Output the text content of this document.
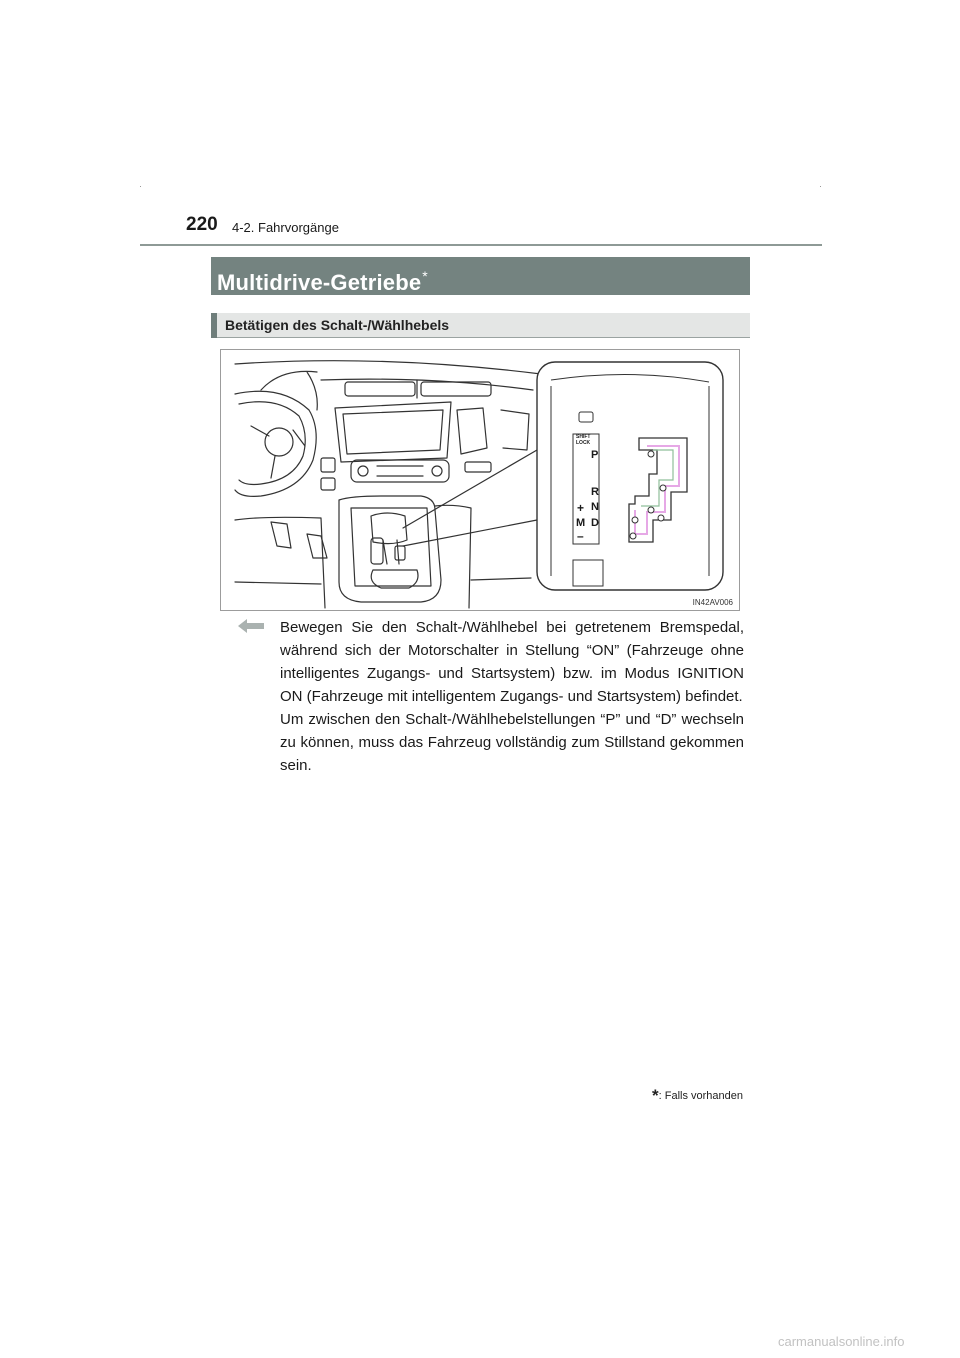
220 4-2. Fahrvorgänge
Multidrive-Getriebe*
Betätigen des Schalt-/Wählhebels
SHIFT
LOCK
P
R
N
D
M
+
–
IN42AV006

Bewegen Sie den Schalt-/Wählhebel bei getretenem Bremspedal, während sich der Motorschalter in Stellung “ON” (Fahrzeuge ohne intelligentes Zugangs- und Startsystem) bzw. im Modus IGNITION ON (Fahrzeuge mit intelligentem Zugangs- und Startsystem) befindet.

Um zwischen den Schalt-/Wählhebelstellungen “P” und “D” wechseln zu können, muss das Fahrzeug vollständig zum Stillstand gekommen sein.

*: Falls vorhanden
carmanualsonline.info
